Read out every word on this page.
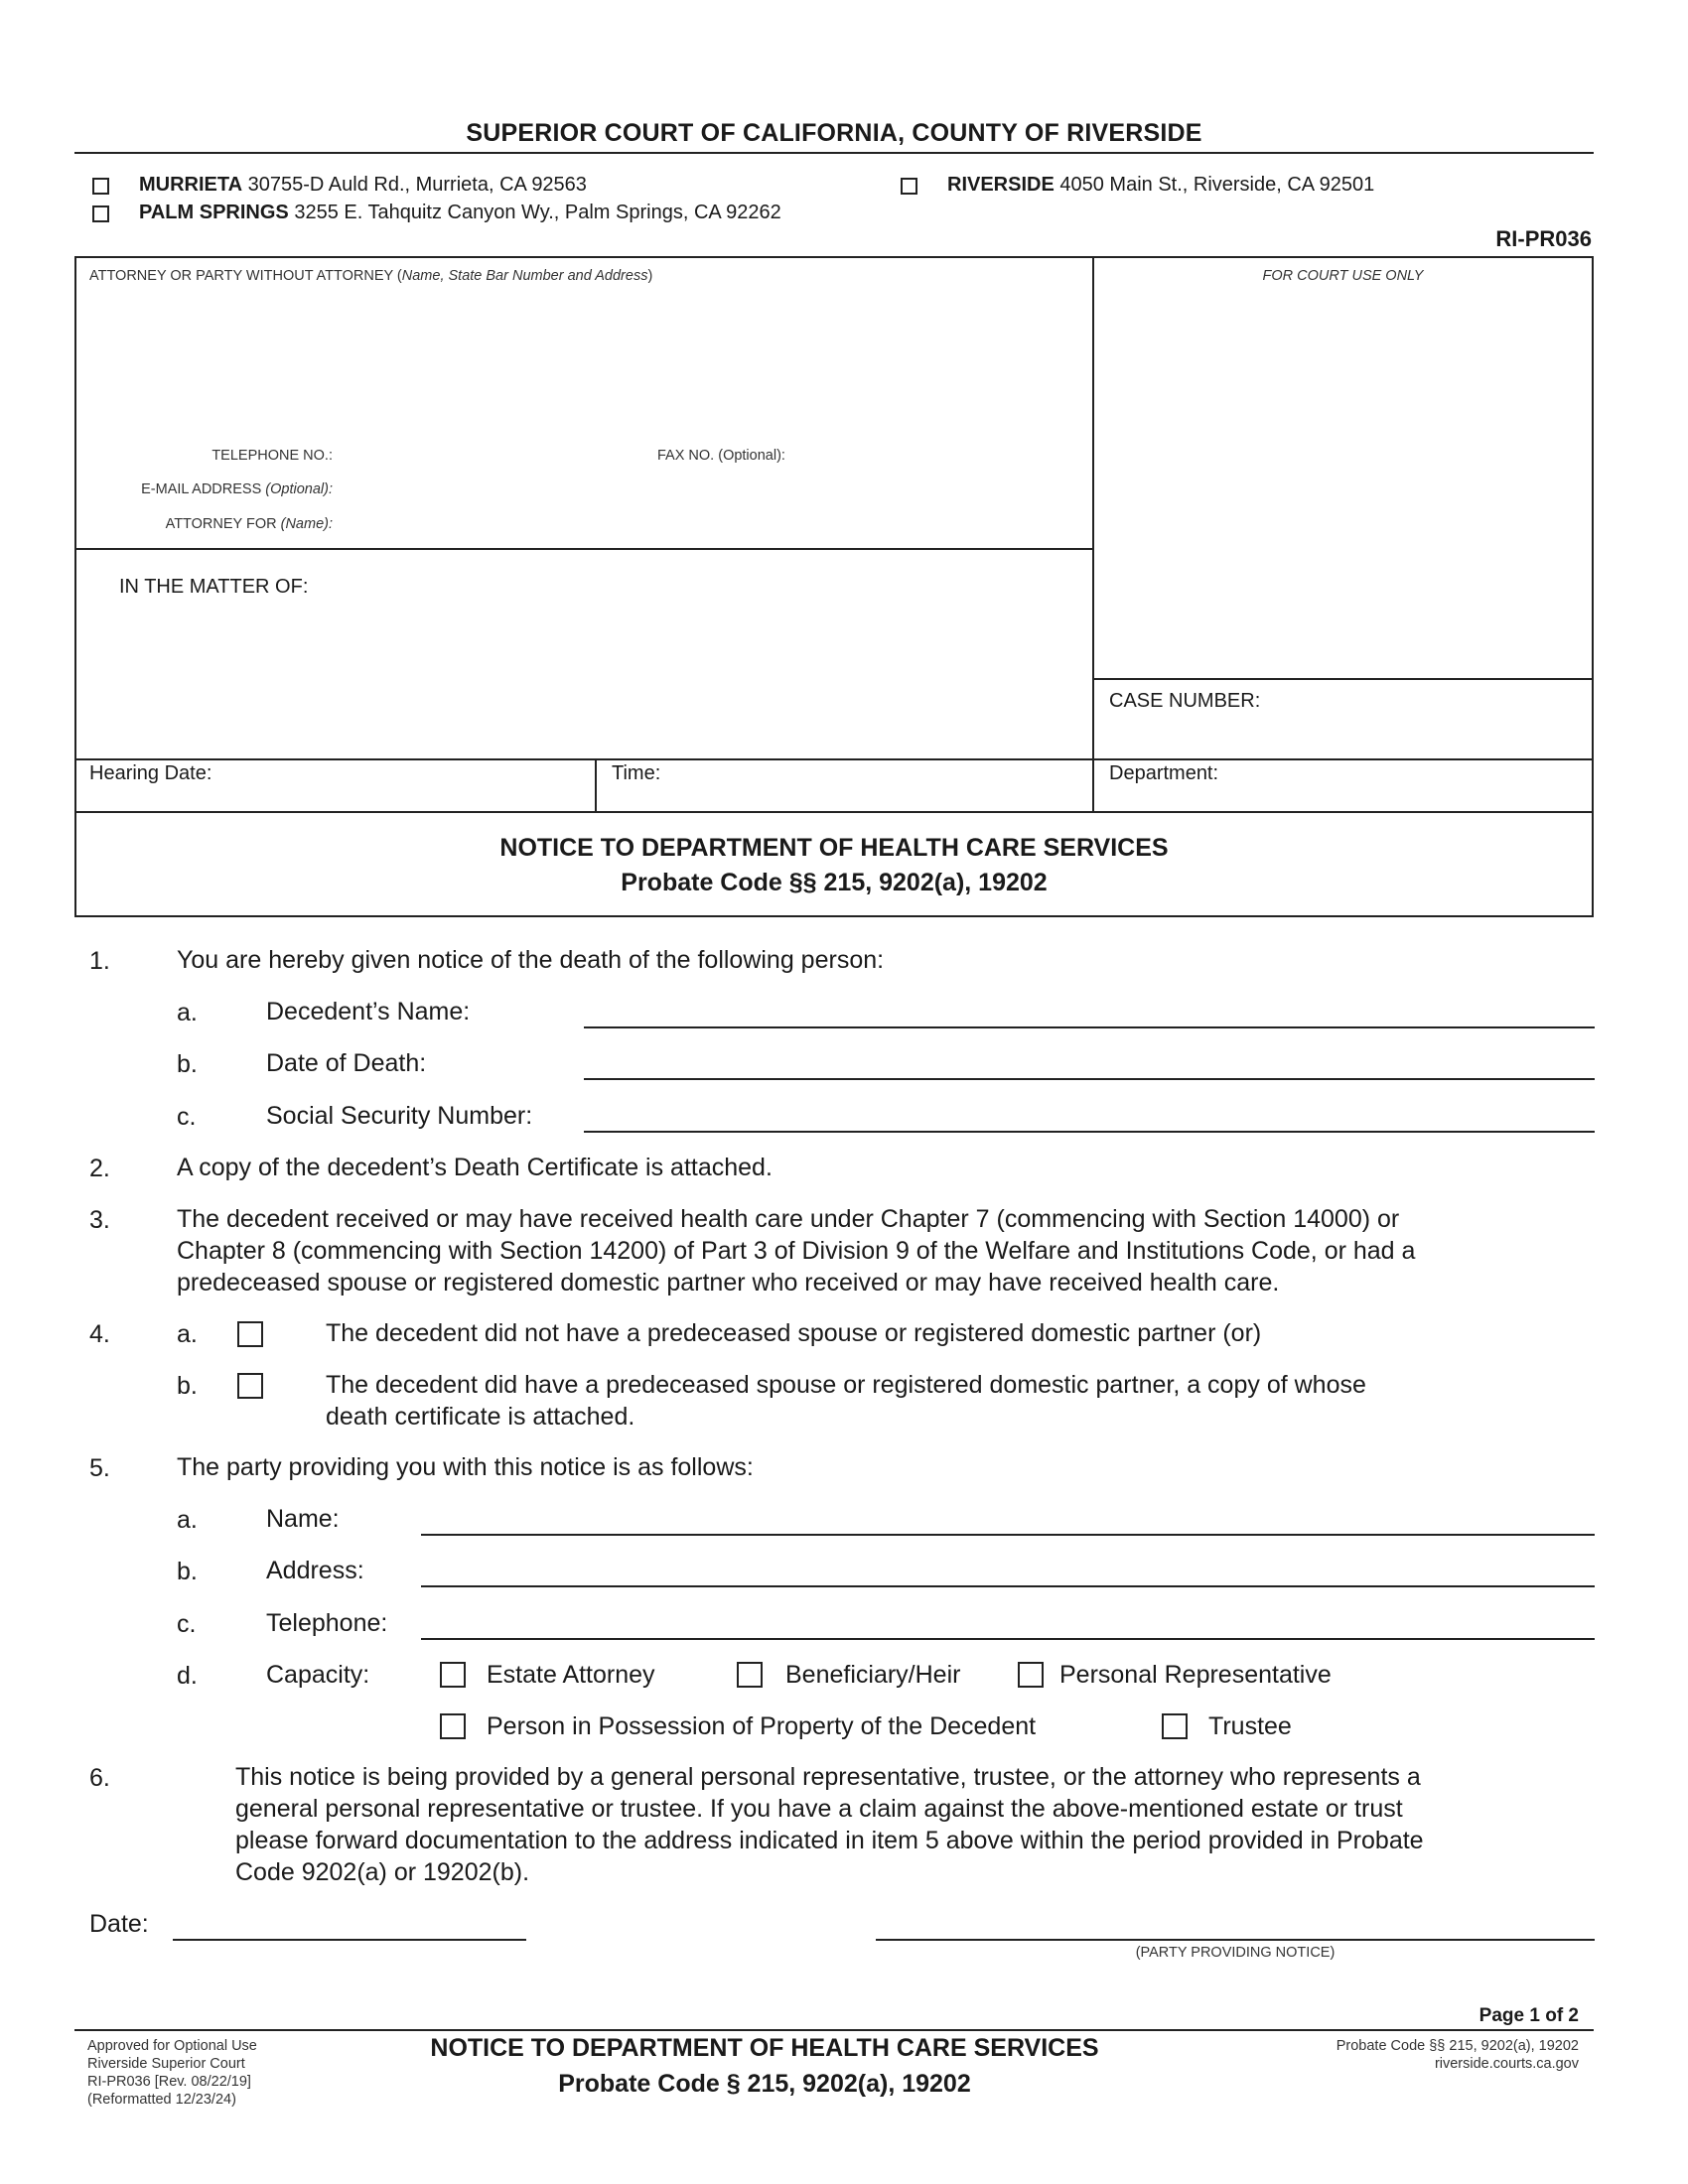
SUPERIOR COURT OF CALIFORNIA, COUNTY OF RIVERSIDE
MURRIETA 30755-D Auld Rd., Murrieta, CA 92563
PALM SPRINGS 3255 E. Tahquitz Canyon Wy., Palm Springs, CA 92262
RIVERSIDE 4050 Main St., Riverside, CA 92501
RI-PR036
ATTORNEY OR PARTY WITHOUT ATTORNEY (Name, State Bar Number and Address)	FOR COURT USE ONLY
TELEPHONE NO.:	FAX NO. (Optional):
E-MAIL ADDRESS (Optional):
ATTORNEY FOR (Name):
IN THE MATTER OF:
CASE NUMBER:
Hearing Date:	Time:	Department:
NOTICE TO DEPARTMENT OF HEALTH CARE SERVICES
Probate Code §§ 215, 9202(a), 19202
1.	You are hereby given notice of the death of the following person:
a.	Decedent’s Name:
b.	Date of Death:
c.	Social Security Number:
2.	A copy of the decedent’s Death Certificate is attached.
3.	The decedent received or may have received health care under Chapter 7 (commencing with Section 14000) or
Chapter 8 (commencing with Section 14200) of Part 3 of Division 9 of the Welfare and Institutions Code, or had a
predeceased spouse or registered domestic partner who received or may have received health care.
4.	a.	The decedent did not have a predeceased spouse or registered domestic partner (or)
b.	The decedent did have a predeceased spouse or registered domestic partner, a copy of whose
death certificate is attached.
5.	The party providing you with this notice is as follows:
a.	Name:
b.	Address:
c.	Telephone:
d.	Capacity:	Estate Attorney	Beneficiary/Heir	Personal Representative
Person in Possession of Property of the Decedent	Trustee
6.	This notice is being provided by a general personal representative, trustee, or the attorney who represents a
general personal representative or trustee. If you have a claim against the above-mentioned estate or trust
please forward documentation to the address indicated in item 5 above within the period provided in Probate
Code 9202(a) or 19202(b).
Date:
(PARTY PROVIDING NOTICE)
Page 1 of 2
Approved for Optional Use
Riverside Superior Court
RI-PR036 [Rev. 08/22/19]
(Reformatted 12/23/24)
NOTICE TO DEPARTMENT OF HEALTH CARE SERVICES
Probate Code § 215, 9202(a), 19202
Probate Code §§ 215, 9202(a), 19202
riverside.courts.ca.gov
